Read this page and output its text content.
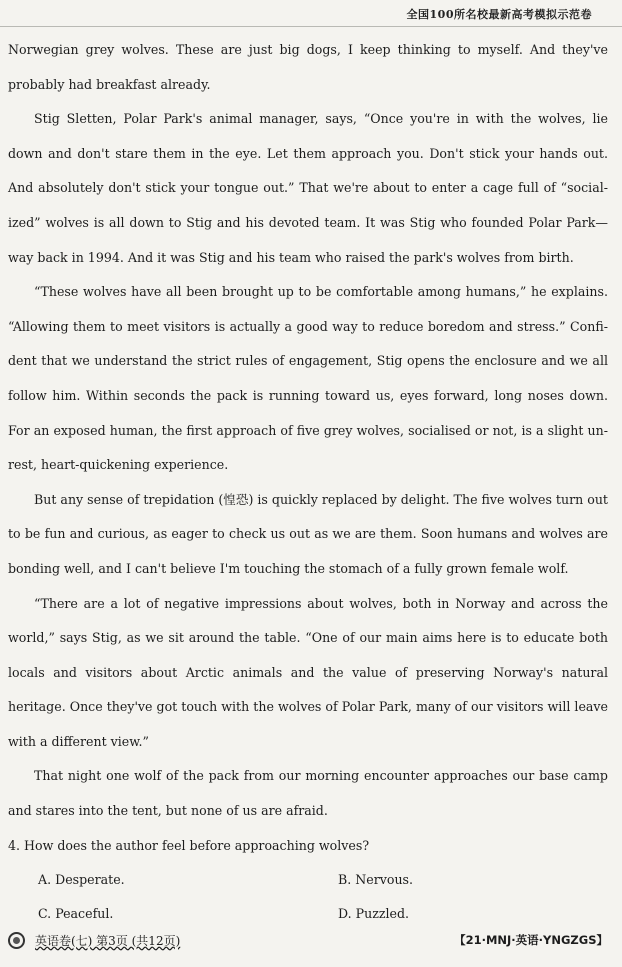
全国100所名校最新高考模拟示范卷

Norwegian grey wolves. These are just big dogs, I keep thinking to myself. And they've probably had breakfast already.

Stig Sletten, Polar Park's animal manager, says, “Once you're in with the wolves, lie down and don't stare them in the eye. Let them approach you. Don't stick your hands out. And absolutely don't stick your tongue out.” That we're about to enter a cage full of “social-ized” wolves is all down to Stig and his devoted team. It was Stig who founded Polar Park—way back in 1994. And it was Stig and his team who raised the park's wolves from birth.

“These wolves have all been brought up to be comfortable among humans,” he explains. “Allowing them to meet visitors is actually a good way to reduce boredom and stress.” Confi-dent that we understand the strict rules of engagement, Stig opens the enclosure and we all follow him. Within seconds the pack is running toward us, eyes forward, long noses down. For an exposed human, the first approach of five grey wolves, socialised or not, is a slight un-rest, heart-quickening experience.

But any sense of trepidation (惶恐) is quickly replaced by delight. The five wolves turn out to be fun and curious, as eager to check us out as we are them. Soon humans and wolves are bonding well, and I can't believe I'm touching the stomach of a fully grown female wolf.

“There are a lot of negative impressions about wolves, both in Norway and across the world,” says Stig, as we sit around the table. “One of our main aims here is to educate both locals and visitors about Arctic animals and the value of preserving Norway's natural heritage. Once they've got touch with the wolves of Polar Park, many of our visitors will leave with a different view.”

That night one wolf of the pack from our morning encounter approaches our base camp and stares into the tent, but none of us are afraid.

4. How does the author feel before approaching wolves?

A. Desperate.	B. Nervous.
C. Peaceful.	D. Puzzled.
英语卷(七) 第3页 (共12页)	【21·MNJ·英语·YNGZGS】
